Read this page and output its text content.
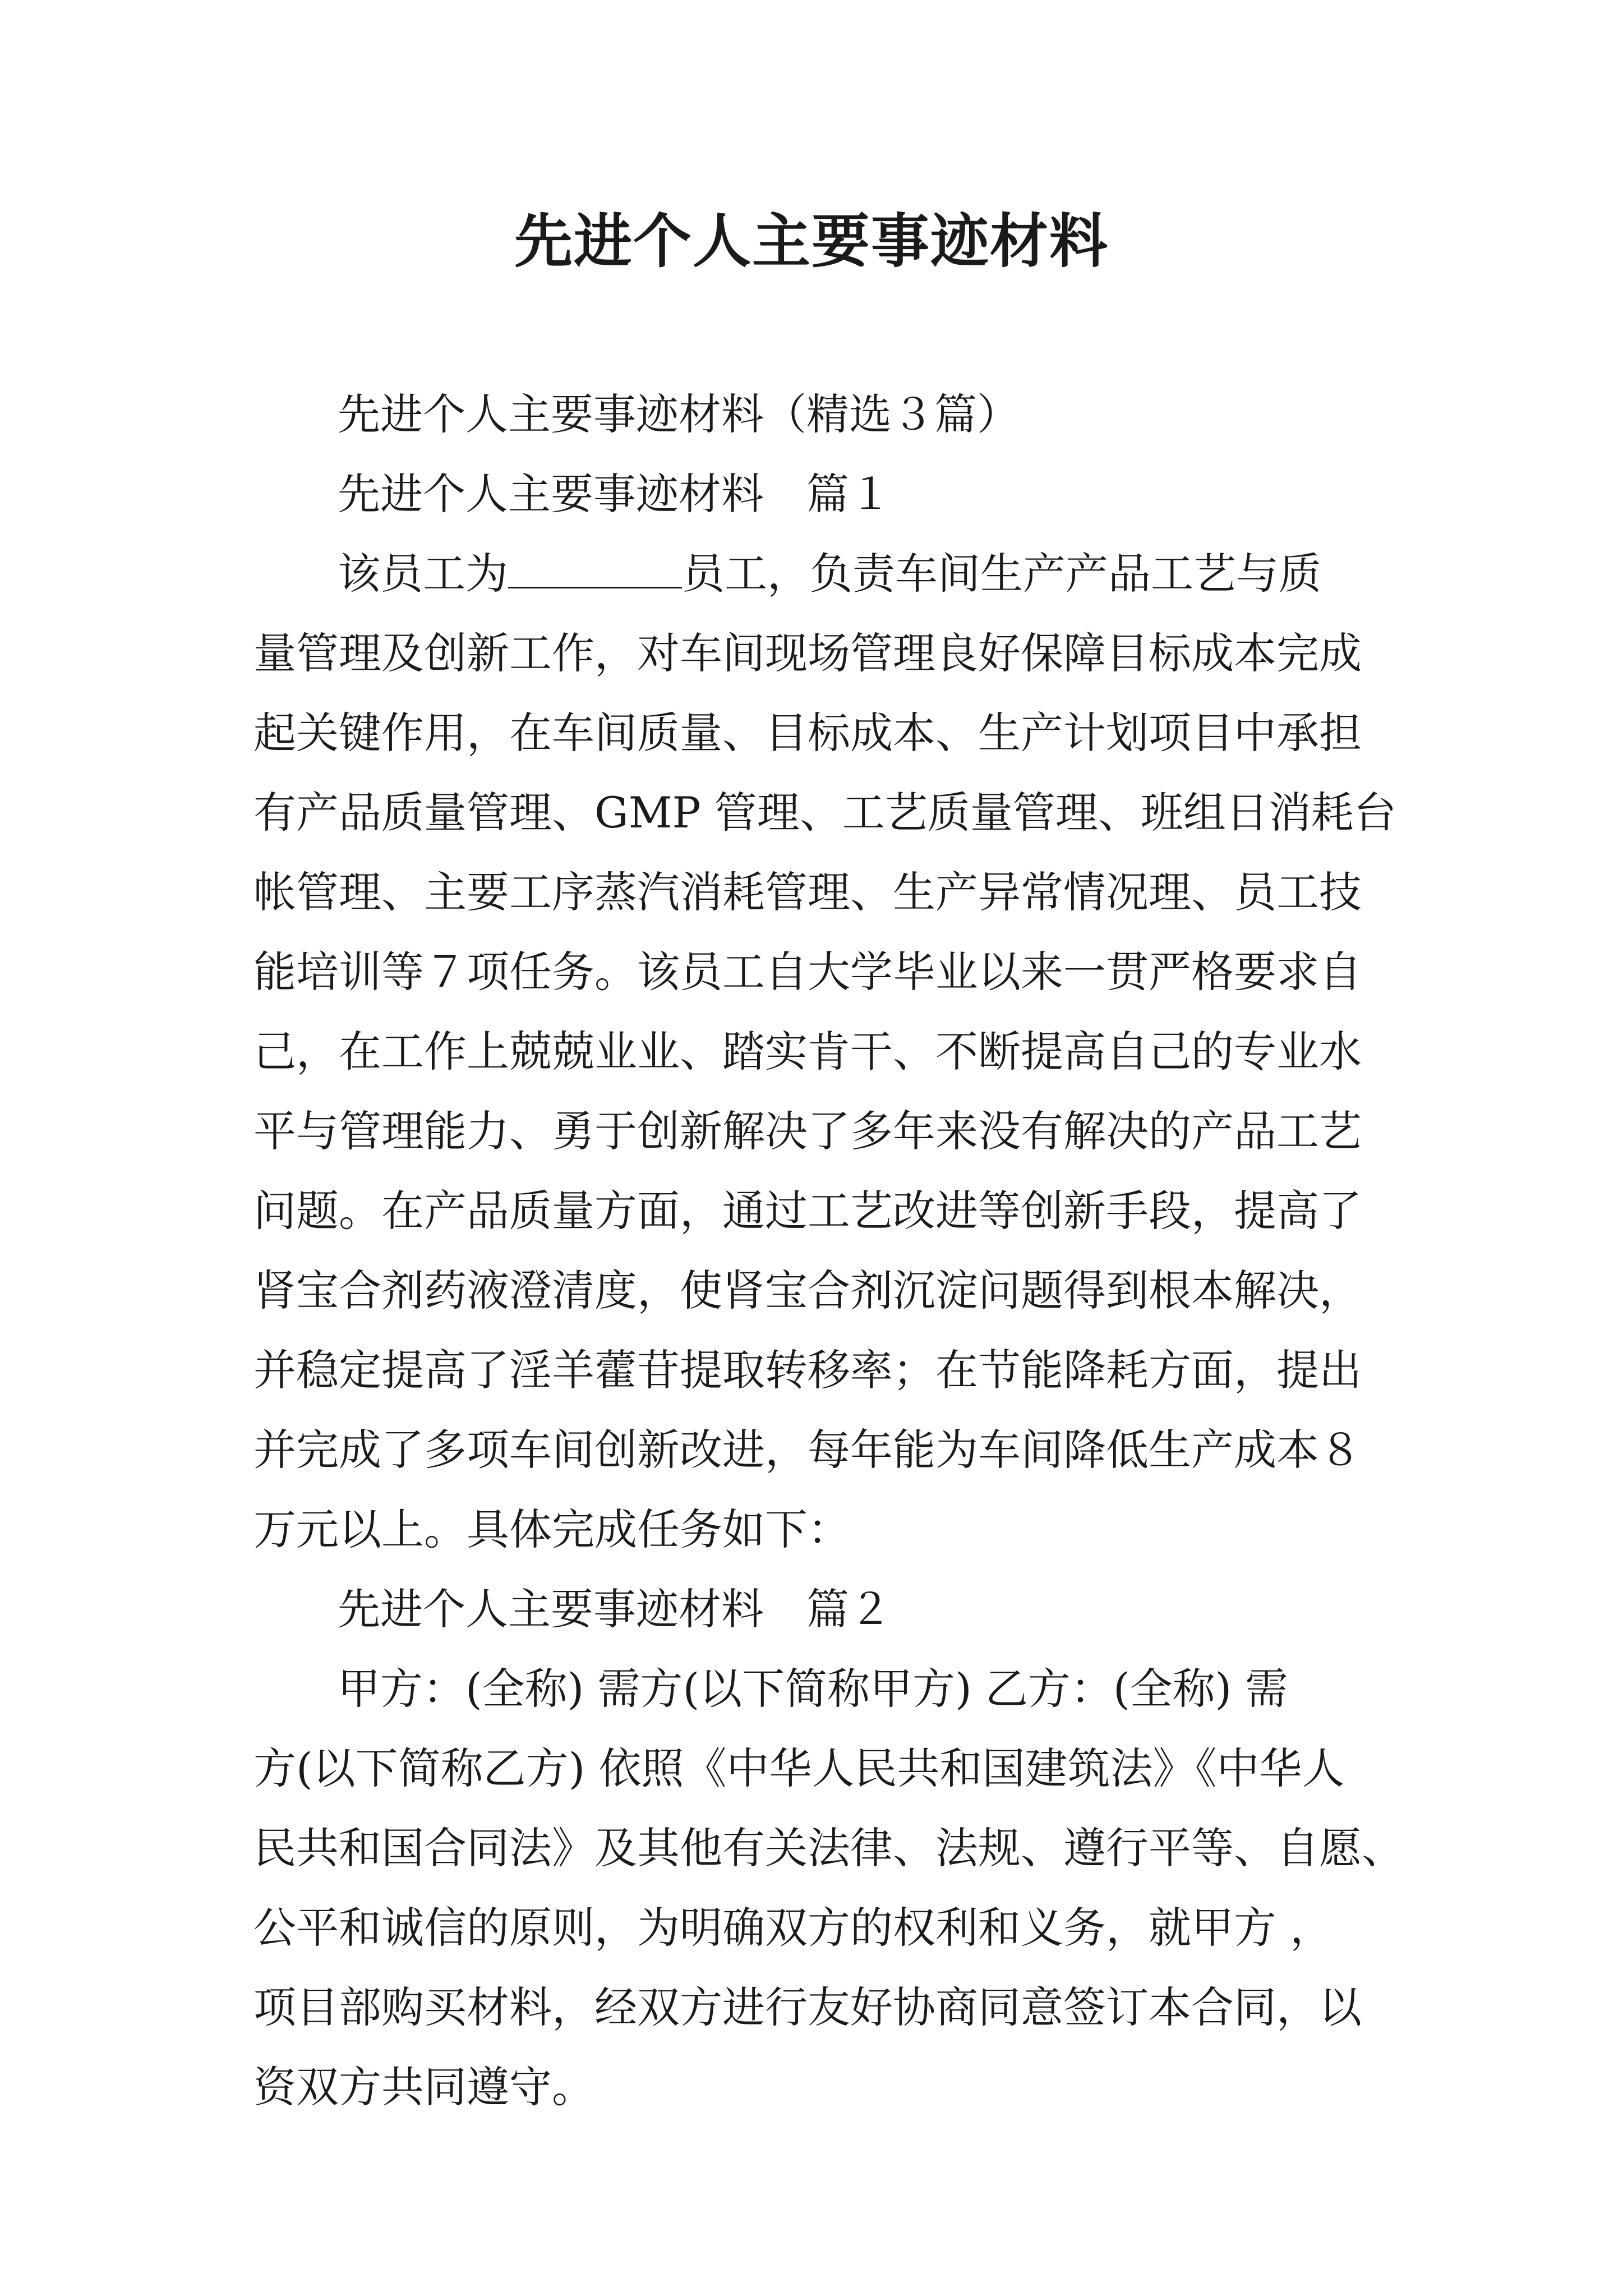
先进个人主要事迹材料

先进个人主要事迹材料（精选３篇）

先进个人主要事迹材料　篇１

该员工为	员工，负责车间生产产品工艺与质

量管理及创新工作，对车间现场管理良好保障目标成本完成

起关键作用，在车间质量、目标成本、生产计划项目中承担

有产品质量管理、GMP 管理、工艺质量管理、班组日消耗台

帐管理、主要工序蒸汽消耗管理、生产异常情况理、员工技

能培训等７项任务。该员工自大学毕业以来一贯严格要求自

己，在工作上兢兢业业、踏实肯干、不断提高自己的专业水

平与管理能力、勇于创新解决了多年来没有解决的产品工艺

问题。在产品质量方面，通过工艺改进等创新手段，提高了

肾宝合剂药液澄清度，使肾宝合剂沉淀问题得到根本解决，

并稳定提高了淫羊藿苷提取转移率；在节能降耗方面，提出

并完成了多项车间创新改进，每年能为车间降低生产成本８

万元以上。具体完成任务如下：

先进个人主要事迹材料　篇２

甲方：(全称) 需方(以下简称甲方) 乙方：(全称) 需

方(以下简称乙方) 依照《中华人民共和国建筑法》《中华人

民共和国合同法》及其他有关法律、法规、遵行平等、自愿、

公平和诚信的原则，为明确双方的权利和义务，就甲方 ，

项目部购买材料，经双方进行友好协商同意签订本合同，以

资双方共同遵守。
